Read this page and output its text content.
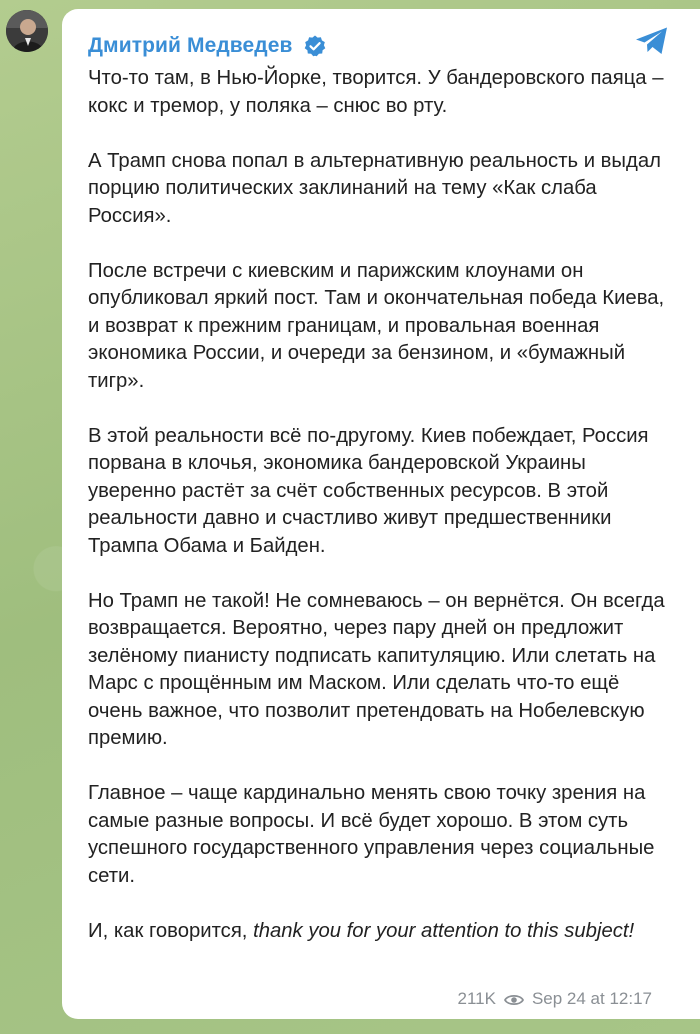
Дмитрий Медведев

Что-то там, в Нью-Йорке, творится. У бандеровского паяца – кокс и тремор, у поляка – снюс во рту.

А Трамп снова попал в альтернативную реальность и выдал порцию политических заклинаний на тему «Как слаба Россия».

После встречи с киевским и парижским клоунами он опубликовал яркий пост. Там и окончательная победа Киева, и возврат к прежним границам, и провальная военная экономика России, и очереди за бензином, и «бумажный тигр».

В этой реальности всё по-другому. Киев побеждает, Россия порвана в клочья, экономика бандеровской Украины уверенно растёт за счёт собственных ресурсов. В этой реальности давно и счастливо живут предшественники Трампа Обама и Байден.

Но Трамп не такой! Не сомневаюсь – он вернётся. Он всегда возвращается. Вероятно, через пару дней он предложит зелёному пианисту подписать капитуляцию. Или слетать на Марс с прощённым им Маском. Или сделать что-то ещё очень важное, что позволит претендовать на Нобелевскую премию.

Главное – чаще кардинально менять свою точку зрения на самые разные вопросы. И всё будет хорошо. В этом суть успешного государственного управления через социальные сети.

И, как говорится, thank you for your attention to this subject!

211K Sep 24 at 12:17
